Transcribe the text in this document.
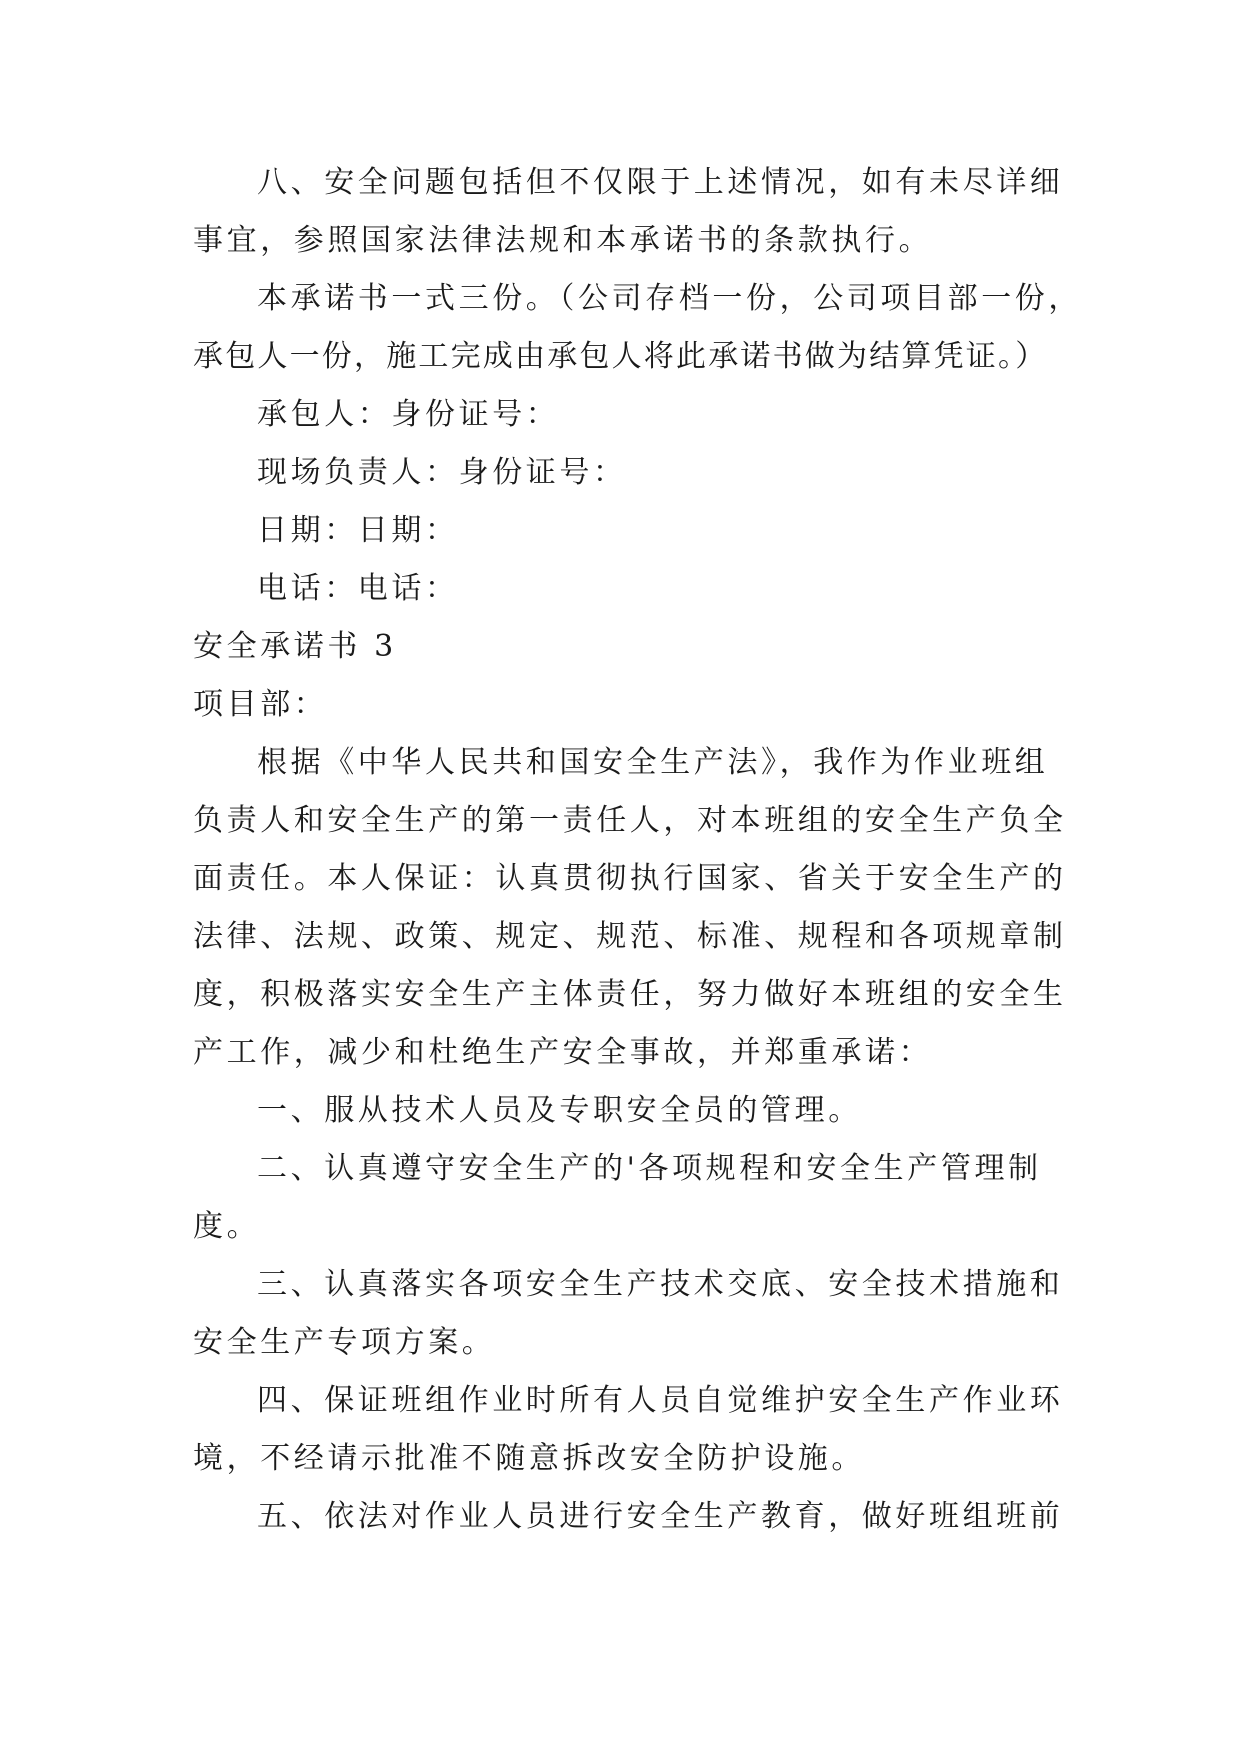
八、安全问题包括但不仅限于上述情况，如有未尽详细
事宜，参照国家法律法规和本承诺书的条款执行。
本承诺书一式三份。（公司存档一份，公司项目部一份，
承包人一份，施工完成由承包人将此承诺书做为结算凭证。）
承包人：身份证号：
现场负责人：身份证号：
日期：日期：
电话：电话：
安全承诺书 3
项目部：
根据《中华人民共和国安全生产法》，我作为作业班组
负责人和安全生产的第一责任人，对本班组的安全生产负全
面责任。本人保证：认真贯彻执行国家、省关于安全生产的
法律、法规、政策、规定、规范、标准、规程和各项规章制
度，积极落实安全生产主体责任，努力做好本班组的安全生
产工作，减少和杜绝生产安全事故，并郑重承诺：
一、服从技术人员及专职安全员的管理。
二、认真遵守安全生产的'各项规程和安全生产管理制
度。
三、认真落实各项安全生产技术交底、安全技术措施和
安全生产专项方案。
四、保证班组作业时所有人员自觉维护安全生产作业环
境，不经请示批准不随意拆改安全防护设施。
五、依法对作业人员进行安全生产教育，做好班组班前
